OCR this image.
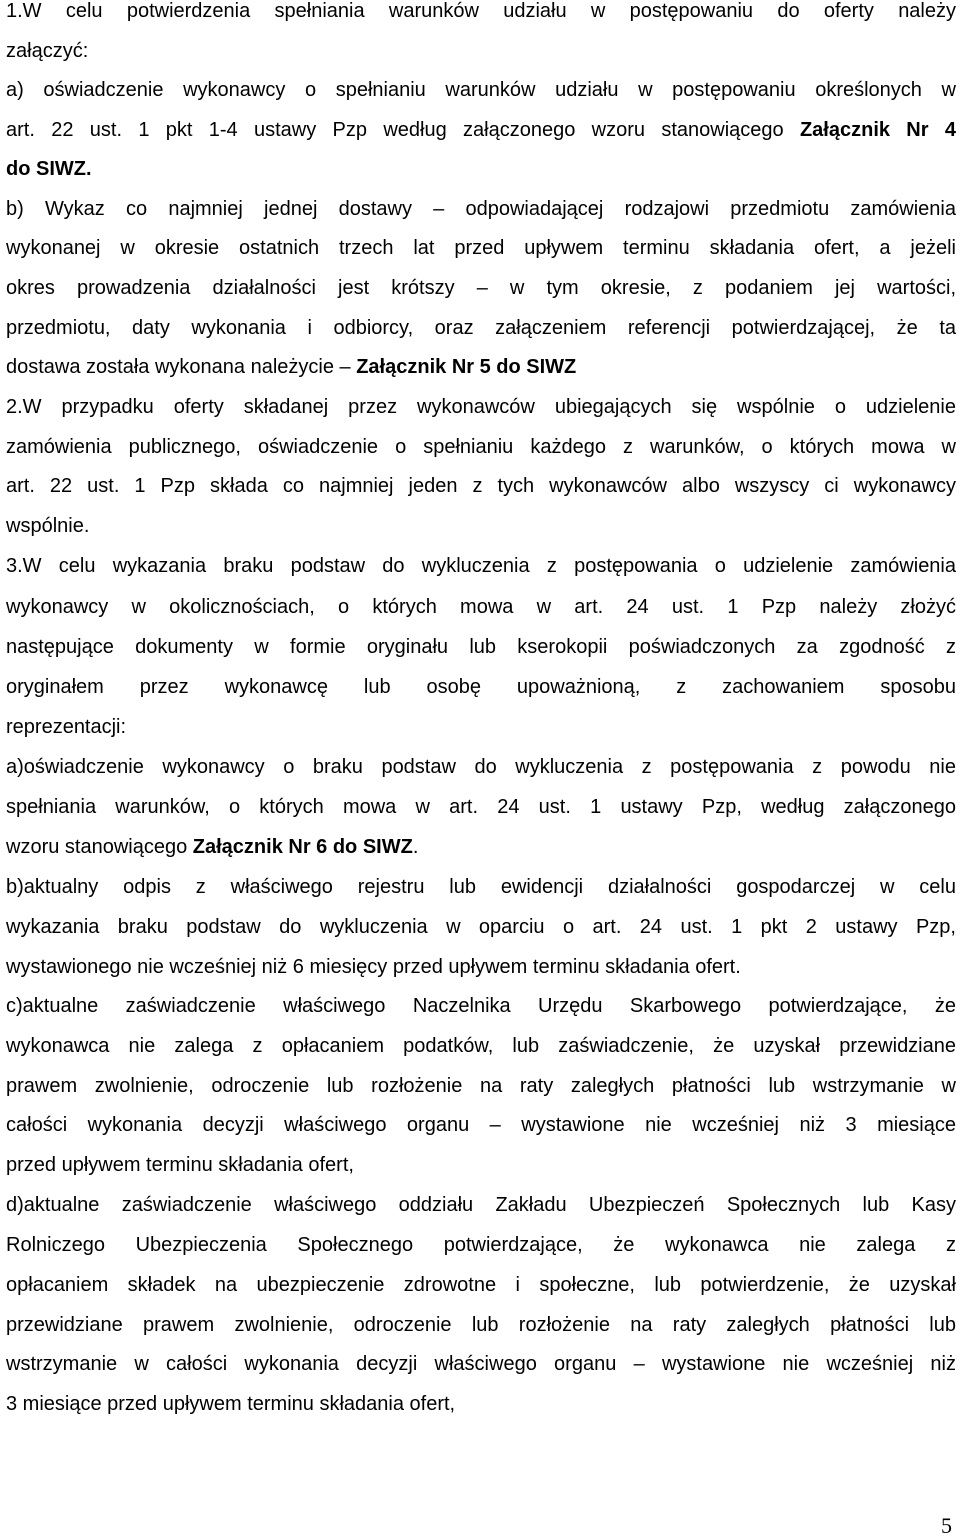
1.W celu potwierdzenia spełniania warunków udziału w postępowaniu do oferty należy
załączyć:
a) oświadczenie wykonawcy o spełnianiu warunków udziału w postępowaniu określonych w
art. 22 ust. 1 pkt 1-4 ustawy Pzp według załączonego wzoru stanowiącego Załącznik Nr 4
do SIWZ.
b) Wykaz co najmniej jednej dostawy – odpowiadającej rodzajowi przedmiotu zamówienia
wykonanej w okresie ostatnich trzech lat przed upływem terminu składania ofert, a jeżeli
okres prowadzenia działalności jest krótszy – w tym okresie, z podaniem jej wartości,
przedmiotu, daty wykonania i odbiorcy, oraz załączeniem referencji potwierdzającej, że ta
dostawa została wykonana należycie – Załącznik Nr 5 do SIWZ
2.W przypadku oferty składanej przez wykonawców ubiegających się wspólnie o udzielenie
zamówienia publicznego, oświadczenie o spełnianiu każdego z warunków, o których mowa w
art. 22 ust. 1 Pzp składa co najmniej jeden z tych wykonawców albo wszyscy ci wykonawcy
wspólnie.
3.W celu wykazania braku podstaw do wykluczenia z postępowania o udzielenie zamówienia
wykonawcy w okolicznościach, o których mowa w art. 24 ust. 1 Pzp należy złożyć
następujące dokumenty w formie oryginału lub kserokopii poświadczonych za zgodność z
oryginałem przez wykonawcę lub osobę upoważnioną, z zachowaniem sposobu
reprezentacji:
a)oświadczenie wykonawcy o braku podstaw do wykluczenia z postępowania z powodu nie
spełniania warunków, o których mowa w art. 24 ust. 1 ustawy Pzp, według załączonego
wzoru stanowiącego Załącznik Nr 6 do SIWZ.
b)aktualny odpis z właściwego rejestru lub ewidencji działalności gospodarczej w celu
wykazania braku podstaw do wykluczenia w oparciu o art. 24 ust. 1 pkt 2 ustawy Pzp,
wystawionego nie wcześniej niż 6 miesięcy przed upływem terminu składania ofert.
c)aktualne zaświadczenie właściwego Naczelnika Urzędu Skarbowego potwierdzające, że
wykonawca nie zalega z opłacaniem podatków, lub zaświadczenie, że uzyskał przewidziane
prawem zwolnienie, odroczenie lub rozłożenie na raty zaległych płatności lub wstrzymanie w
całości wykonania decyzji właściwego organu – wystawione nie wcześniej niż 3 miesiące
przed upływem terminu składania ofert,
d)aktualne zaświadczenie właściwego oddziału Zakładu Ubezpieczeń Społecznych lub Kasy
Rolniczego Ubezpieczenia Społecznego potwierdzające, że wykonawca nie zalega z
opłacaniem składek na ubezpieczenie zdrowotne i społeczne, lub potwierdzenie, że uzyskał
przewidziane prawem zwolnienie, odroczenie lub rozłożenie na raty zaległych płatności lub
wstrzymanie w całości wykonania decyzji właściwego organu – wystawione nie wcześniej niż
3 miesiące przed upływem terminu składania ofert,
5
